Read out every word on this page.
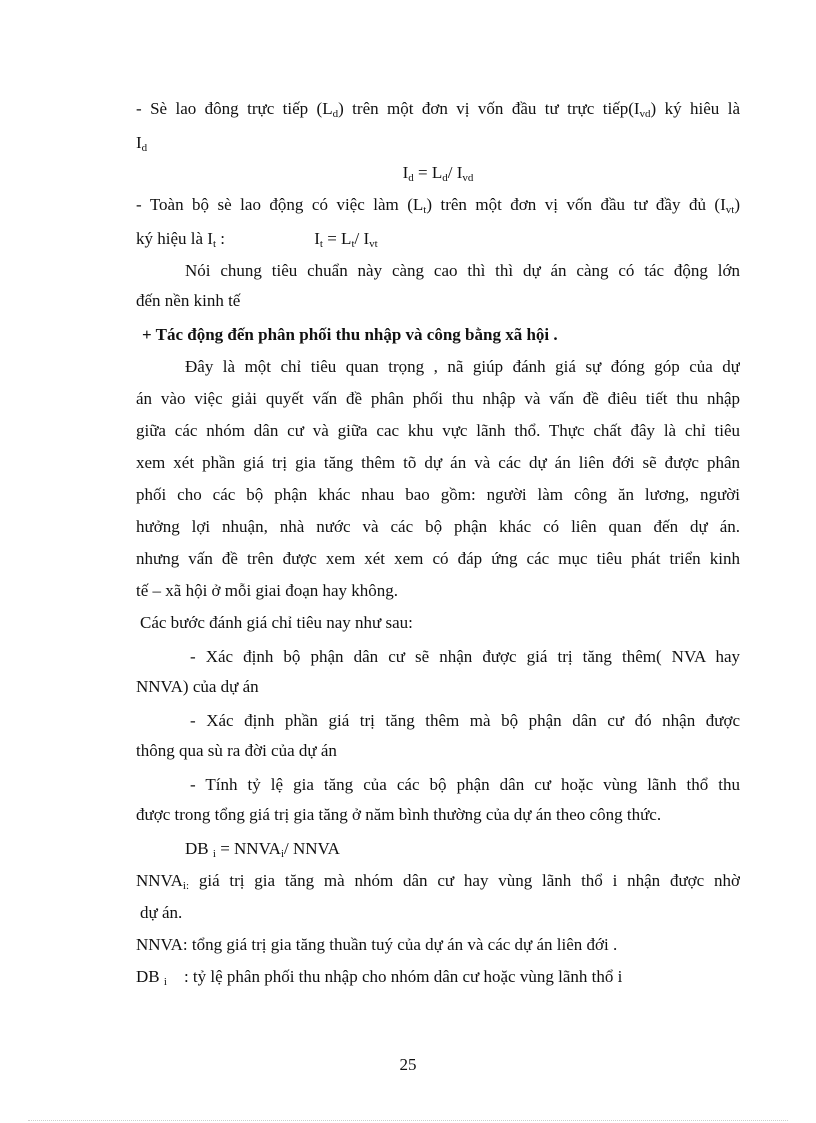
- Sè lao đông trực tiếp $(L_d)$ trên một đơn vị vốn đầu tư trực $tiếp(I_{vd})$ ký hiêu là
$I_d$
$I_d = L_d/$ $I_{vd}$
- Toàn bộ sè lao động có việc làm $(L_t)$ trên một đơn vị vốn đầu tư đầy đủ $(I_{vt})$
ký hiệu là $I_t$ :                     $I_t = L_t/$ $I_{vt}$
Nói chung tiêu chuẩn này càng cao thì thì dự án càng có tác động lớn
đến nền kinh tế
+ Tác động đến phân phối thu nhập và công bằng xã hội .
Đây là một chỉ tiêu quan trọng , nã giúp đánh giá sự đóng góp của dự
án vào việc giải quyết vấn đề phân phối thu nhập và vấn đề điêu tiết thu nhập
giữa các nhóm dân cư và giữa cac khu vực lãnh thổ. Thực chất đây là chỉ tiêu
xem xét phần giá trị gia tăng thêm tõ dự án và các dự án liên đới sẽ được phân
phối cho các bộ phận khác nhau bao gồm: người làm công ăn lương, người
hưởng lợi nhuận, nhà nước và các bộ phận khác có liên quan đến dự án.
nhưng vấn đề trên được xem xét xem có đáp ứng các mục tiêu phát triển kinh
tế – xã hội ở mỗi giai đoạn hay không.
Các bước đánh giá chỉ tiêu nay như sau:
- Xác định bộ phận dân cư sẽ nhận được giá trị tăng thêm( NVA hay
NNVA) của dự án
- Xác định phần giá trị tăng thêm mà bộ phận dân cư đó nhận được
thông qua sù ra đời của dự án
- Tính tỷ lệ gia tăng của các bộ phận dân cư hoặc vùng lãnh thổ thu
được trong tổng giá trị gia tăng ở năm bình thường của dự án theo công thức.
DB $_i = NNVA_i/$ NNVA
$NNVA_{i:}$ giá trị gia tăng mà nhóm dân cư hay vùng lãnh thổ i nhận được nhờ
dự án.
NNVA: tổng giá trị gia tăng thuần tuý của dự án và các dự án liên đới .
DB $_i$    : tỷ lệ phân phối thu nhập cho nhóm dân cư hoặc vùng lãnh thổ i
25
